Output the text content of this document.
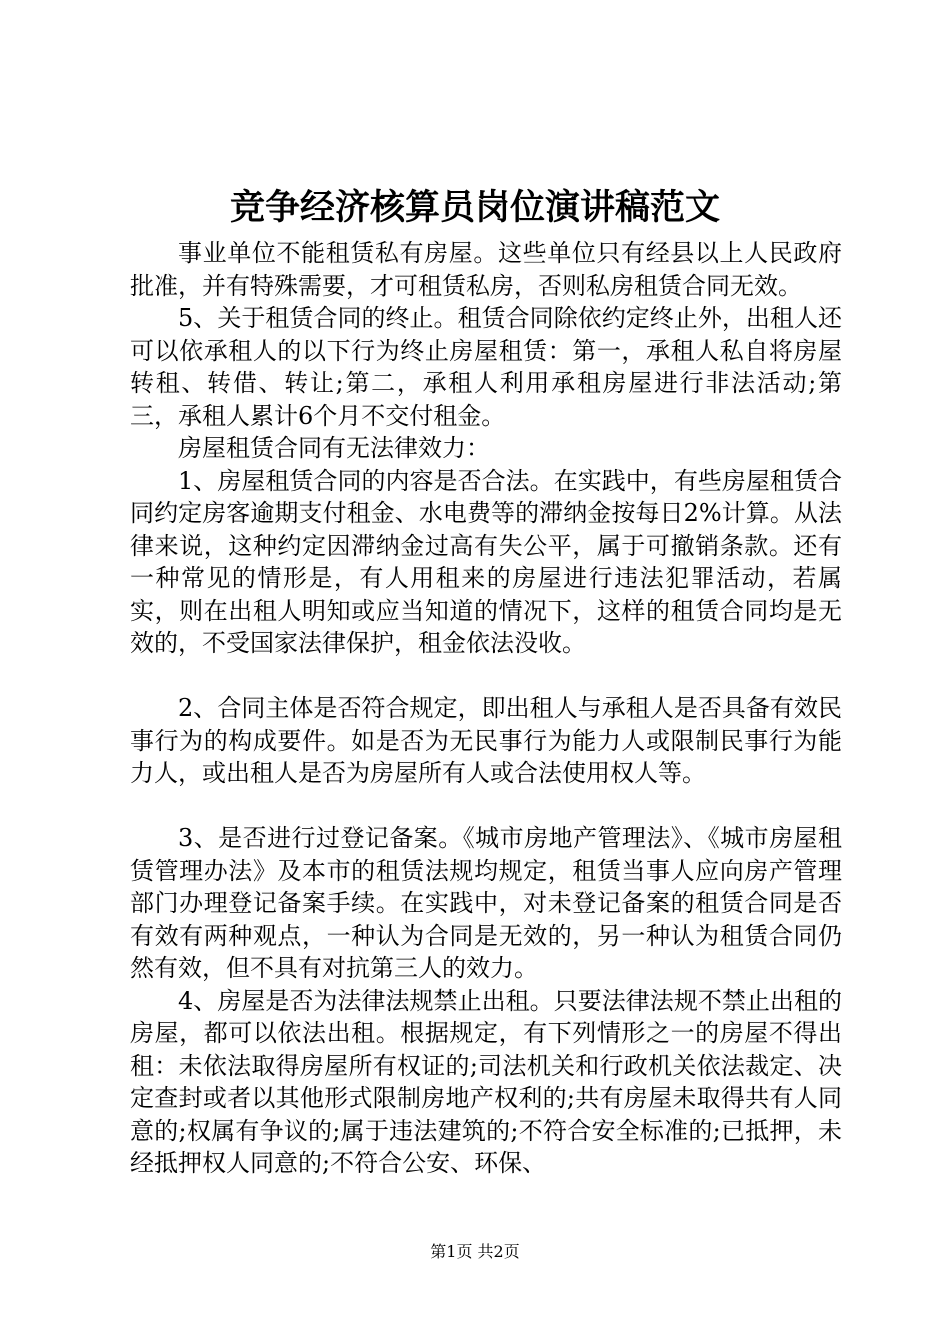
竞争经济核算员岗位演讲稿范文

事业单位不能租赁私有房屋。这些单位只有经县以上人民政府批准，并有特殊需要，才可租赁私房，否则私房租赁合同无效。

5、关于租赁合同的终止。租赁合同除依约定终止外，出租人还可以依承租人的以下行为终止房屋租赁：第一，承租人私自将房屋转租、转借、转让;第二，承租人利用承租房屋进行非法活动;第三，承租人累计6个月不交付租金。

房屋租赁合同有无法律效力：

1、房屋租赁合同的内容是否合法。在实践中，有些房屋租赁合同约定房客逾期支付租金、水电费等的滞纳金按每日2%计算。从法律来说，这种约定因滞纳金过高有失公平，属于可撤销条款。还有一种常见的情形是，有人用租来的房屋进行违法犯罪活动，若属实，则在出租人明知或应当知道的情况下，这样的租赁合同均是无效的，不受国家法律保护，租金依法没收。

2、合同主体是否符合规定，即出租人与承租人是否具备有效民事行为的构成要件。如是否为无民事行为能力人或限制民事行为能力人，或出租人是否为房屋所有人或合法使用权人等。

3、是否进行过登记备案。《城市房地产管理法》、《城市房屋租赁管理办法》及本市的租赁法规均规定，租赁当事人应向房产管理部门办理登记备案手续。在实践中，对未登记备案的租赁合同是否有效有两种观点，一种认为合同是无效的，另一种认为租赁合同仍然有效，但不具有对抗第三人的效力。

4、房屋是否为法律法规禁止出租。只要法律法规不禁止出租的房屋，都可以依法出租。根据规定，有下列情形之一的房屋不得出租：未依法取得房屋所有权证的;司法机关和行政机关依法裁定、决定查封或者以其他形式限制房地产权利的;共有房屋未取得共有人同意的;权属有争议的;属于违法建筑的;不符合安全标准的;已抵押，未经抵押权人同意的;不符合公安、环保、

第1页 共2页
